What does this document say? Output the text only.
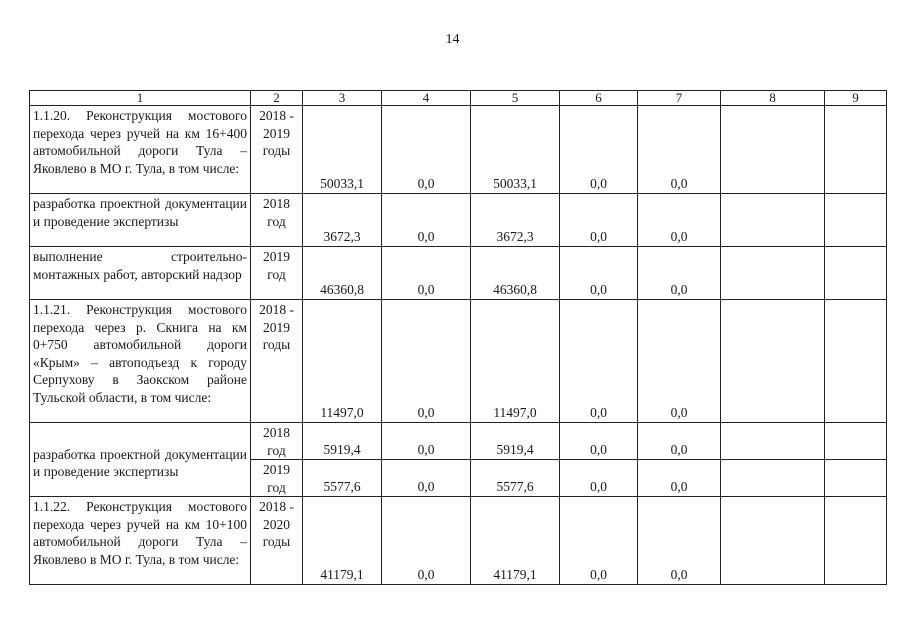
14
1	2	3	4	5	6	7	8	9
1.1.20. Реконструкция мостового перехода через ручей на км 16+400 автомобильной дороги Тула – Яковлево в МО г. Тула, в том числе:	2018 - 2019 годы	50033,1	0,0	50033,1	0,0	0,0		
разработка проектной документации и проведение экспертизы	2018 год	3672,3	0,0	3672,3	0,0	0,0		
выполнение строительно-монтажных работ, авторский надзор	2019 год	46360,8	0,0	46360,8	0,0	0,0		
1.1.21. Реконструкция мостового перехода через р. Скнига на км 0+750 автомобильной дороги «Крым» – автоподъезд к городу Серпухову в Заокском районе Тульской области, в том числе:	2018 - 2019 годы	11497,0	0,0	11497,0	0,0	0,0		
разработка проектной документации и проведение экспертизы	2018 год	5919,4	0,0	5919,4	0,0	0,0		
	2019 год	5577,6	0,0	5577,6	0,0	0,0		
1.1.22. Реконструкция мостового перехода через ручей на км 10+100 автомобильной дороги Тула – Яковлево в МО г. Тула, в том числе:	2018 - 2020 годы	41179,1	0,0	41179,1	0,0	0,0		
